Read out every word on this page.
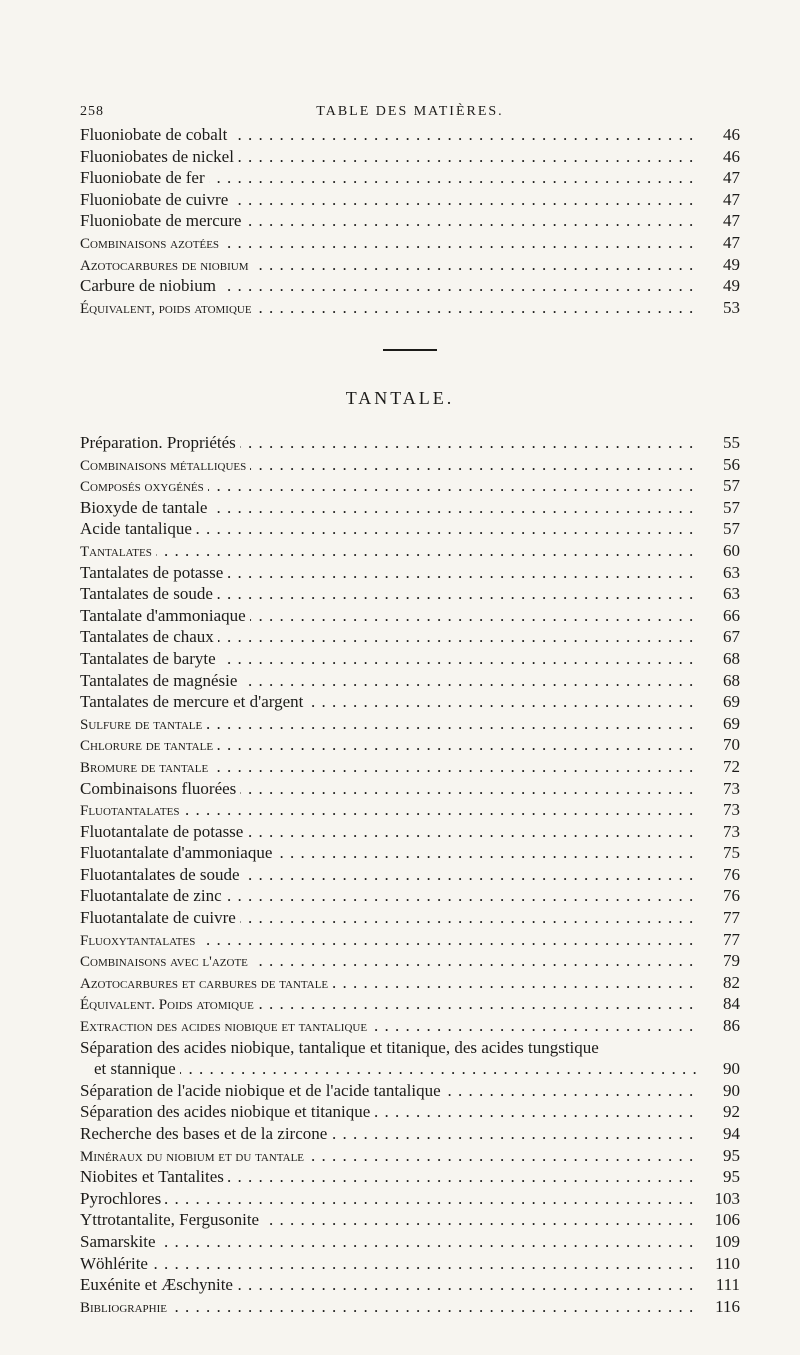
258	TABLE DES MATIÈRES.
Fluoniobate de cobalt . . .	46
Fluoniobates de nickel . . .	46
Fluoniobate de fer . . .	47
Fluoniobate de cuivre . . .	47
Fluoniobate de mercure . . .	47
Combinaisons azotées . . .	47
Azotocarbures de niobium . . .	49
Carbure de niobium . . .	49
Équivalent, poids atomique . . .	53
TANTALE.
Préparation. Propriétés . . .	55
Combinaisons métalliques . . .	56
Composés oxygénés . . .	57
Bioxyde de tantale . . .	57
Acide tantalique . . .	57
Tantalates . . .	60
Tantalates de potasse . . .	63
Tantalates de soude . . .	63
Tantalate d'ammoniaque . . .	66
Tantalates de chaux . . .	67
Tantalates de baryte . . .	68
Tantalates de magnésie . . .	68
Tantalates de mercure et d'argent . . .	69
Sulfure de tantale . . .	69
Chlorure de tantale . . .	70
Bromure de tantale . . .	72
Combinaisons fluorées . . .	73
Fluotantalates . . .	73
Fluotantalate de potasse . . .	73
Fluotantalate d'ammoniaque . . .	75
Fluotantalates de soude . . .	76
Fluotantalate de zinc . . .	76
Fluotantalate de cuivre . . .	77
Fluoxytantalates . . .	77
Combinaisons avec l'azote . . .	79
Azotocarbures et carbures de tantale . . .	82
Équivalent. Poids atomique . . .	84
Extraction des acides niobique et tantalique . . .	86
Séparation des acides niobique, tantalique et titanique, des acides tungstique
et stannique . . .	90
Séparation de l'acide niobique et de l'acide tantalique . . .	90
Séparation des acides niobique et titanique . . .	92
Recherche des bases et de la zircone . . .	94
Minéraux du niobium et du tantale . . .	95
Niobites et Tantalites . . .	95
Pyrochlores . . .	103
Yttrotantalite, Fergusonite . . .	106
Samarskite . . .	109
Wöhlérite . . .	110
Euxénite et Æschynite . . .	111
Bibliographie . . .	116
